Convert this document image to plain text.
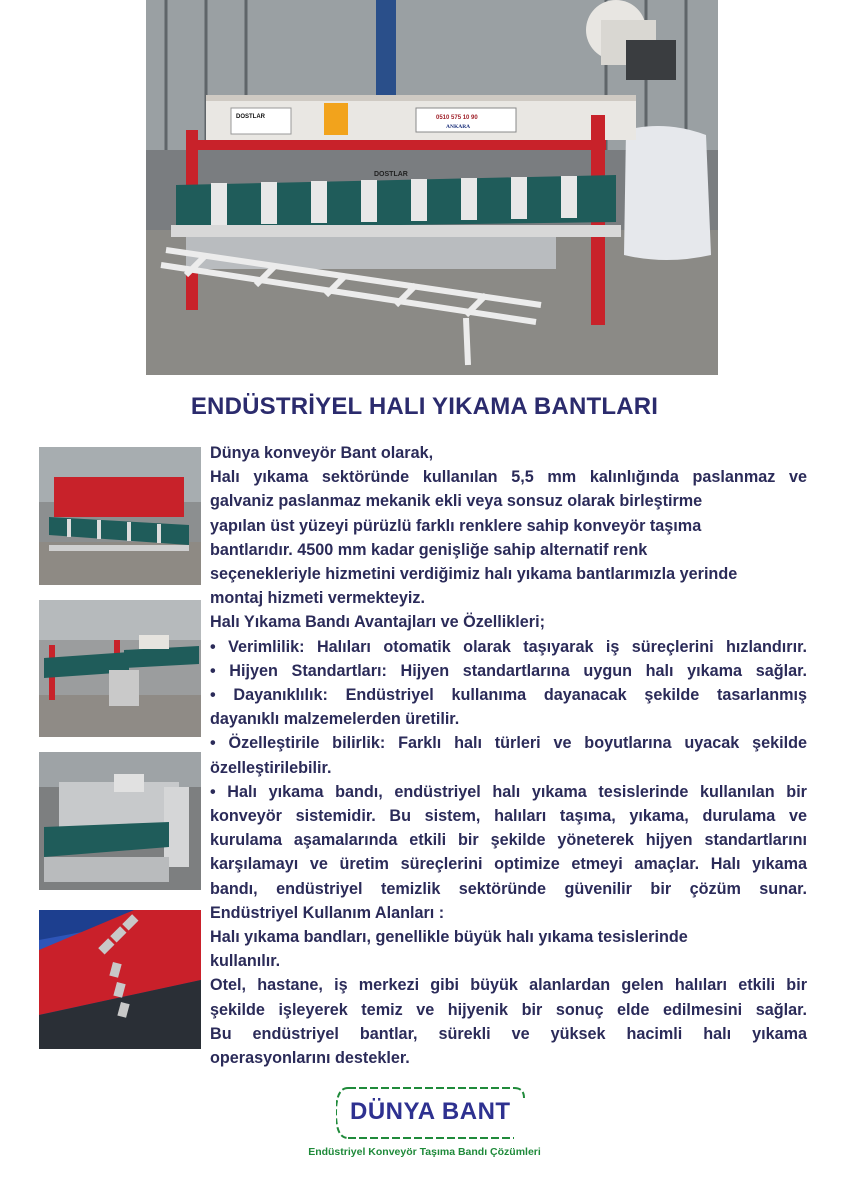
DOSTLAR
DOSTLAR	0510 575 10 90
ANKARA
ENDÜSTRİYEL HALI YIKAMA BANTLARI

Dünya konveyör Bant olarak,

Halı yıkama sektöründe kullanılan 5,5 mm kalınlığında paslanmaz ve

galvaniz paslanmaz mekanik ekli veya sonsuz olarak birleştirme

yapılan üst yüzeyi pürüzlü farklı renklere sahip konveyör taşıma

bantlarıdır. 4500 mm kadar genişliğe sahip alternatif renk

seçenekleriyle hizmetini verdiğimiz halı yıkama bantlarımızla yerinde

montaj hizmeti vermekteyiz.

Halı Yıkama Bandı Avantajları ve Özellikleri;

• Verimlilik: Halıları otomatik olarak taşıyarak iş süreçlerini hızlandırır.

• Hijyen Standartları: Hijyen standartlarına uygun halı yıkama sağlar.

• Dayanıklılık: Endüstriyel kullanıma dayanacak şekilde tasarlanmış

dayanıklı malzemelerden üretilir.

• Özelleştirile bilirlik: Farklı halı türleri ve boyutlarına uyacak şekilde

özelleştirilebilir.

• Halı yıkama bandı, endüstriyel halı yıkama tesislerinde kullanılan bir

konveyör sistemidir. Bu sistem, halıları taşıma, yıkama, durulama ve

kurulama aşamalarında etkili bir şekilde yöneterek hijyen standartlarını

karşılamayı ve üretim süreçlerini optimize etmeyi amaçlar. Halı yıkama

bandı, endüstriyel temizlik sektöründe güvenilir bir çözüm sunar.

Endüstriyel Kullanım Alanları :

Halı yıkama bandları, genellikle büyük halı yıkama tesislerinde

kullanılır.

Otel, hastane, iş merkezi gibi büyük alanlardan gelen halıları etkili bir

şekilde işleyerek temiz ve hijyenik bir sonuç elde edilmesini sağlar.

Bu endüstriyel bantlar, sürekli ve yüksek hacimli halı yıkama

operasyonlarını destekler.

DÜNYA BANT
Endüstriyel Konveyör Taşıma Bandı Çözümleri
